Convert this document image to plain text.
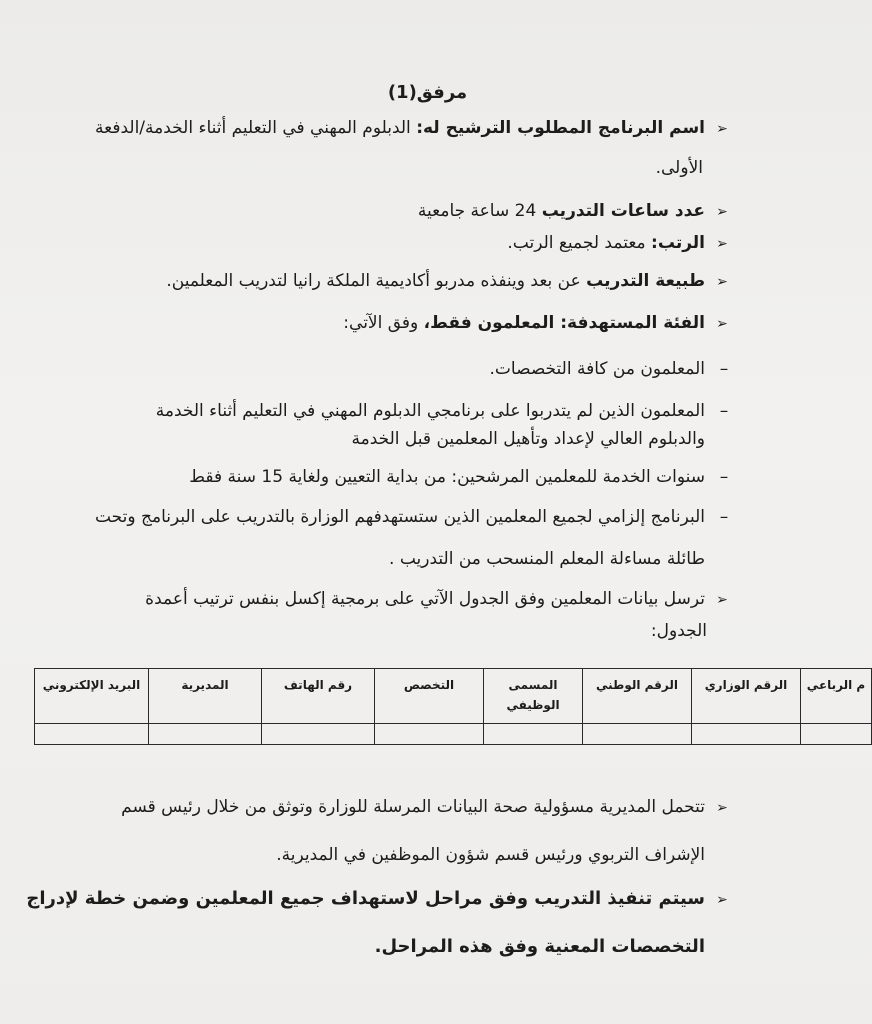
مرفق(1)
➢اسم البرنامج المطلوب الترشيح له: الدبلوم المهني في التعليم أثناء الخدمة/الدفعة
الأولى.
➢عدد ساعات التدريب 24 ساعة جامعية
➢الرتب: معتمد لجميع الرتب.
➢طبيعة التدريب عن بعد وينفذه مدربو أكاديمية الملكة رانيا لتدريب المعلمين.
➢الفئة المستهدفة: المعلمون فقط، وفق الآتي:
–المعلمون من كافة التخصصات.
–المعلمون الذين لم يتدربوا على برنامجي الدبلوم المهني في التعليم أثناء الخدمة
والدبلوم العالي لإعداد وتأهيل المعلمين قبل الخدمة
–سنوات الخدمة للمعلمين المرشحين: من بداية التعيين ولغاية 15 سنة فقط
–البرنامج إلزامي لجميع المعلمين الذين ستستهدفهم الوزارة بالتدريب على البرنامج وتحت
طائلة مساءلة المعلم المنسحب من التدريب .
➢ترسل بيانات المعلمين وفق الجدول الآتي على برمجية إكسل بنفس ترتيب أعمدة
الجدول:
م الرباعي	الرقم الوزاري	الرقم الوطني	المسمى الوظيفي	التخصص	رقم الهاتف	المديرية	البريد الإلكتروني

➢تتحمل المديرية مسؤولية صحة البيانات المرسلة للوزارة وتوثق من خلال رئيس قسم
الإشراف التربوي ورئيس قسم شؤون الموظفين في المديرية.
➢سيتم تنفيذ التدريب وفق مراحل لاستهداف جميع المعلمين وضمن خطة لإدراج
التخصصات المعنية وفق هذه المراحل.
